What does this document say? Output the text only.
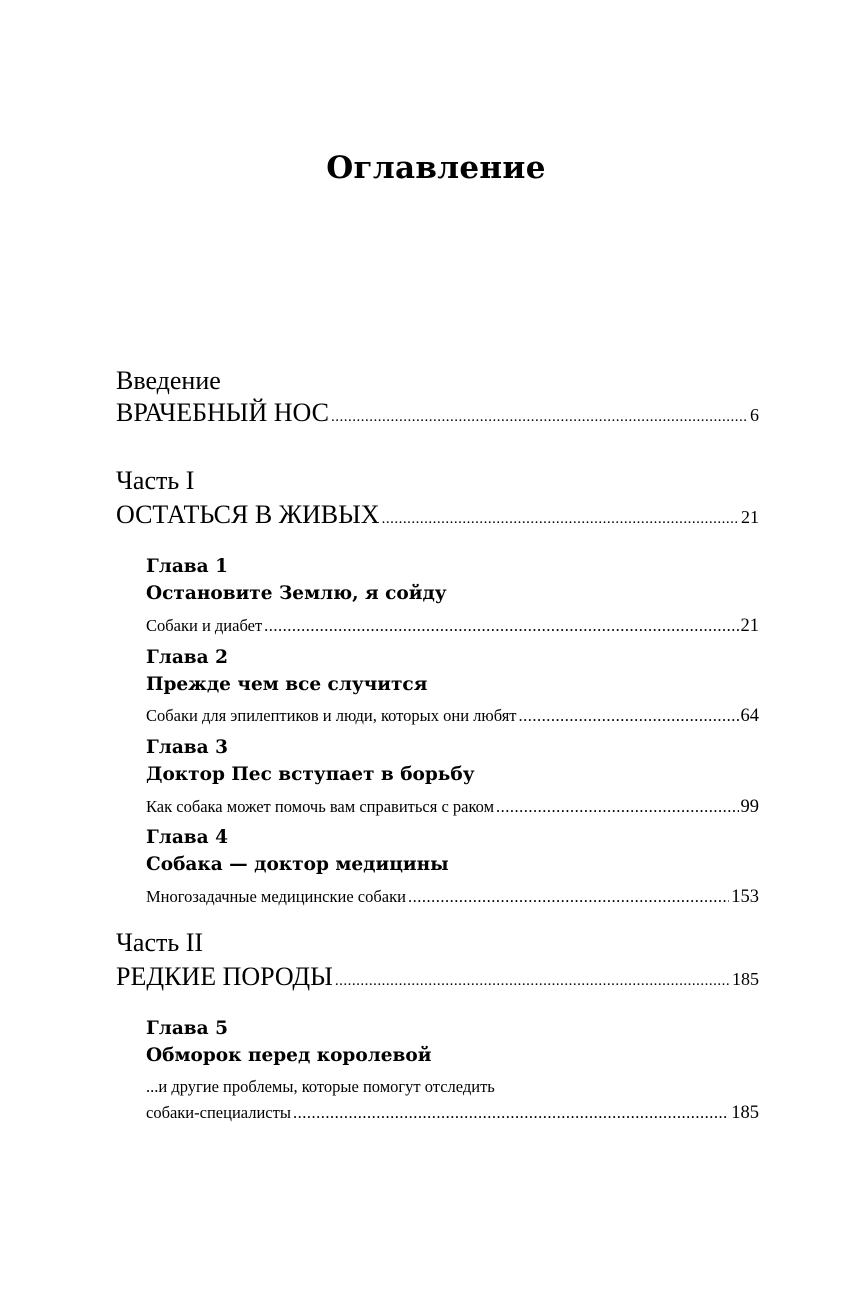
Оглавление
Введение
ВРАЧЕБНЫЙ НОС .....	6
Часть I
ОСТАТЬСЯ В ЖИВЫХ .....	21
Глава 1
Остановите Землю, я сойду
Собаки и диабет .....	21
Глава 2
Прежде чем все случится
Собаки для эпилептиков и люди, которых они любят .....	64
Глава 3
Доктор Пес вступает в борьбу
Как собака может помочь вам справиться с раком .....	99
Глава 4
Собака — доктор медицины
Многозадачные медицинские собаки .....	153
Часть II
РЕДКИЕ ПОРОДЫ .....	185
Глава 5
Обморок перед королевой
...и другие проблемы, которые помогут отследить
собаки-специалисты .....	185
